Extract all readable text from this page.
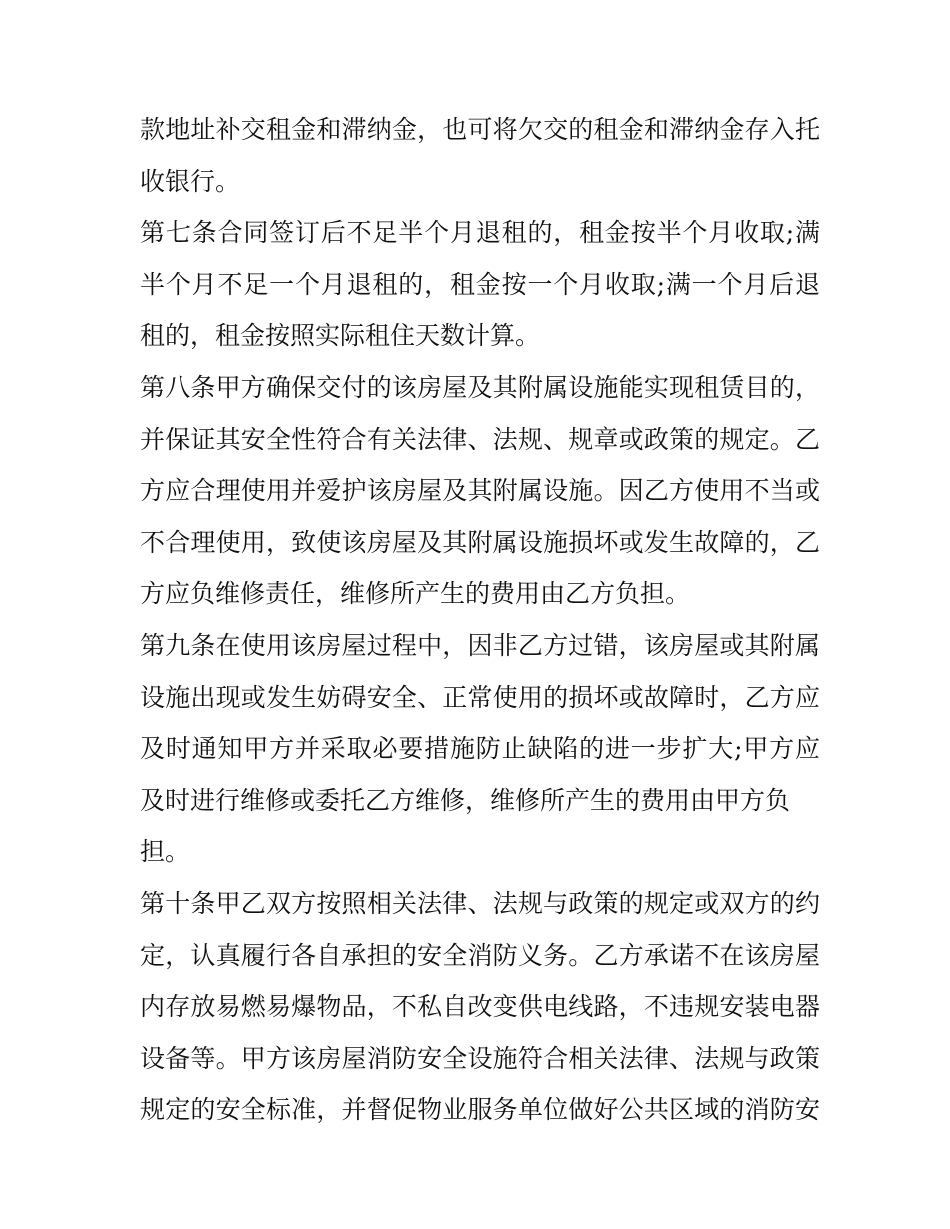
款地址补交租金和滞纳金，也可将欠交的租金和滞纳金存入托
收银行。
第七条合同签订后不足半个月退租的，租金按半个月收取;满
半个月不足一个月退租的，租金按一个月收取;满一个月后退
租的，租金按照实际租住天数计算。
第八条甲方确保交付的该房屋及其附属设施能实现租赁目的，
并保证其安全性符合有关法律、法规、规章或政策的规定。乙
方应合理使用并爱护该房屋及其附属设施。因乙方使用不当或
不合理使用，致使该房屋及其附属设施损坏或发生故障的，乙
方应负维修责任，维修所产生的费用由乙方负担。
第九条在使用该房屋过程中，因非乙方过错，该房屋或其附属
设施出现或发生妨碍安全、正常使用的损坏或故障时，乙方应
及时通知甲方并采取必要措施防止缺陷的进一步扩大;甲方应
及时进行维修或委托乙方维修，维修所产生的费用由甲方负
担。
第十条甲乙双方按照相关法律、法规与政策的规定或双方的约
定，认真履行各自承担的安全消防义务。乙方承诺不在该房屋
内存放易燃易爆物品，不私自改变供电线路，不违规安装电器
设备等。甲方该房屋消防安全设施符合相关法律、法规与政策
规定的安全标准，并督促物业服务单位做好公共区域的消防安
